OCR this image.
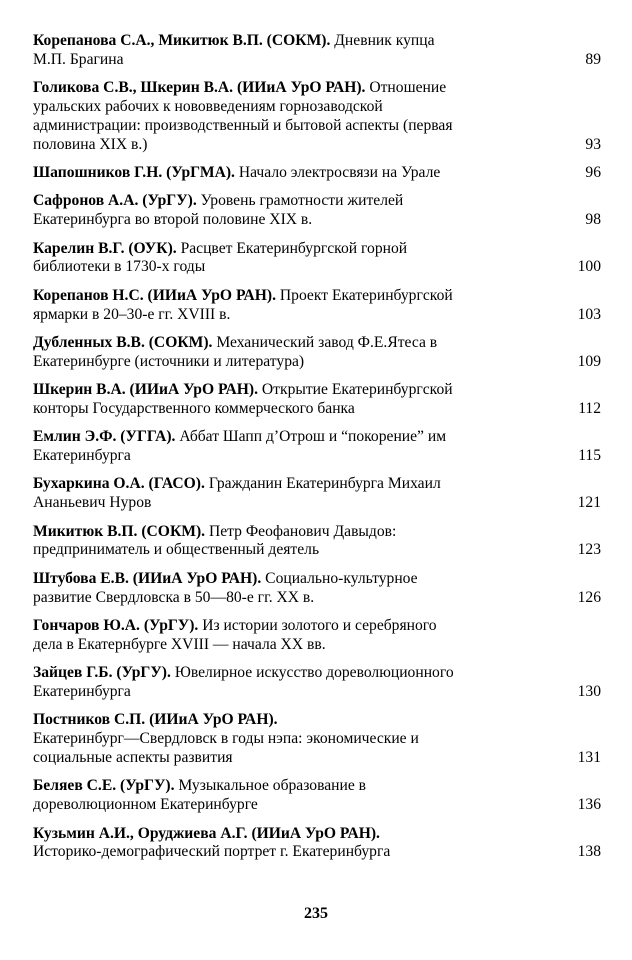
Корепанова С.А., Микитюк В.П. (СОКМ). Дневник купца
М.П. Брагина	89
Голикова С.В., Шкерин В.А. (ИИиА УрО РАН). Отношение
уральских рабочих к нововведениям горнозаводской
администрации: производственный и бытовой аспекты (первая
половина XIX в.)	93
Шапошников Г.Н. (УрГМА). Начало электросвязи на Урале	96
Сафронов А.А. (УрГУ). Уровень грамотности жителей
Екатеринбурга во второй половине XIX в.	98
Карелин В.Г. (ОУК). Расцвет Екатеринбургской горной
библиотеки в 1730-х годы	100
Корепанов Н.С. (ИИиА УрО РАН). Проект Екатеринбургской
ярмарки в 20–30-е гг. XVIII в.	103
Дубленных В.В. (СОКМ). Механический завод Ф.Е.Ятеса в
Екатеринбурге (источники и литература)	109
Шкерин В.А. (ИИиА УрО РАН). Открытие Екатеринбургской
конторы Государственного коммерческого банка	112
Емлин Э.Ф. (УГГА). Аббат Шапп д’Отрош и “покорение” им
Екатеринбурга	115
Бухаркина О.А. (ГАСО). Гражданин Екатеринбурга Михаил
Ананьевич Нуров	121
Микитюк В.П. (СОКМ). Петр Феофанович Давыдов:
предприниматель и общественный деятель	123
Штубова Е.В. (ИИиА УрО РАН). Социально-культурное
развитие Свердловска в 50—80-е гг. XX в.	126
Гончаров Ю.А. (УрГУ). Из истории золотого и серебряного
дела в Екатернбурге XVIII — начала XX вв.
Зайцев Г.Б. (УрГУ). Ювелирное искусство дореволюционного
Екатеринбурга	130
Постников С.П. (ИИиА УрО РАН).
Екатеринбург—Свердловск в годы нэпа: экономические и
социальные аспекты развития	131
Беляев С.Е. (УрГУ). Музыкальное образование в
дореволюционном Екатеринбурге	136
Кузьмин А.И., Оруджиева А.Г. (ИИиА УрО РАН).
Историко-демографический портрет г. Екатеринбурга	138
235
